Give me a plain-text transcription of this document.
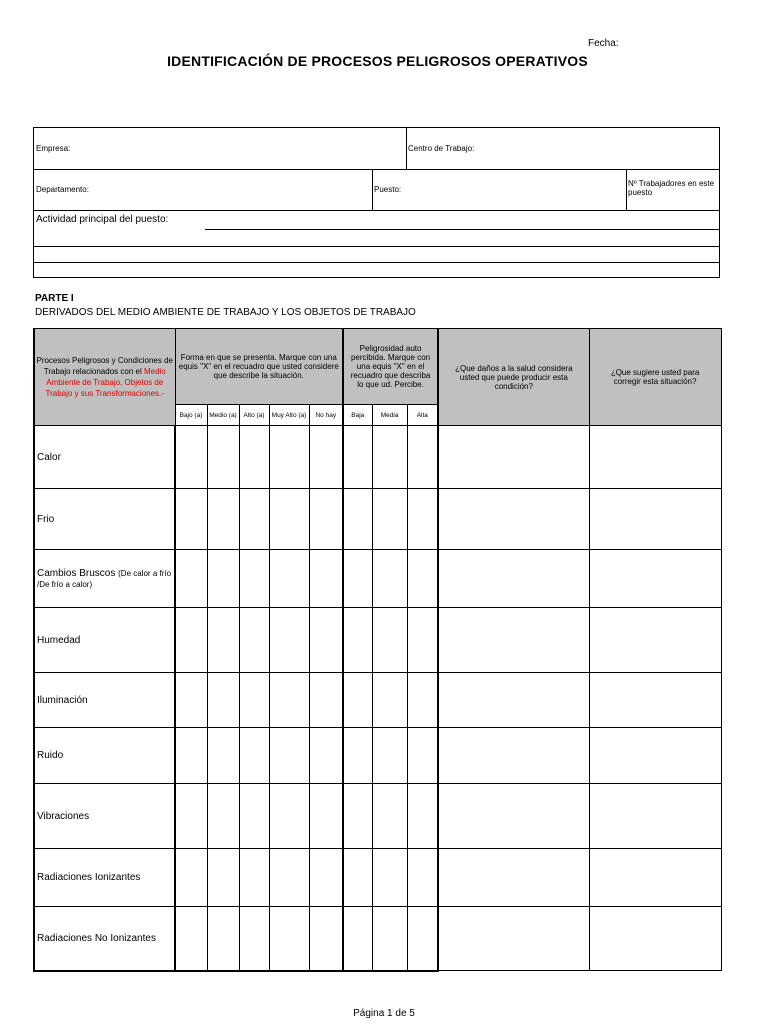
Fecha:
IDENTIFICACIÓN DE PROCESOS PELIGROSOS OPERATIVOS
Empresa:	Centro de Trabajo:
Departamento:	Puesto:
Nº Trabajadores en este puesto
Actividad principal del puesto:
PARTE I
DERIVADOS DEL MEDIO AMBIENTE DE TRABAJO Y LOS OBJETOS DE TRABAJO
Procesos Peligrosos y Condiciones de Trabajo relacionados con el Medio Ambiente de Trabajo, Objetos de Trabajo y sus Transformaciones.-	Forma en que se presenta. Marque con una equis "X" en el recuadro que usted considere que describe la situación.					Peligrosidad auto percibida. Marque con una equis "X" en el recuadro que describa lo que ud. Percibe.			¿Que daños a la salud considera usted que puede producir esta condición?	¿Que sugiere usted para corregir esta situación?
	Bajo (a)	Medio (a)	Alto (a)	Muy Alto (a)	No hay	Baja	Media	Alta		
Calor										
Frio										
Cambios Bruscos (De calor a frío /De frío a calor)										
Humedad										
Iluminación										
Ruido										
Vibraciones										
Radiaciones Ionizantes										
Radiaciones No Ionizantes										
Página 1 de 5
